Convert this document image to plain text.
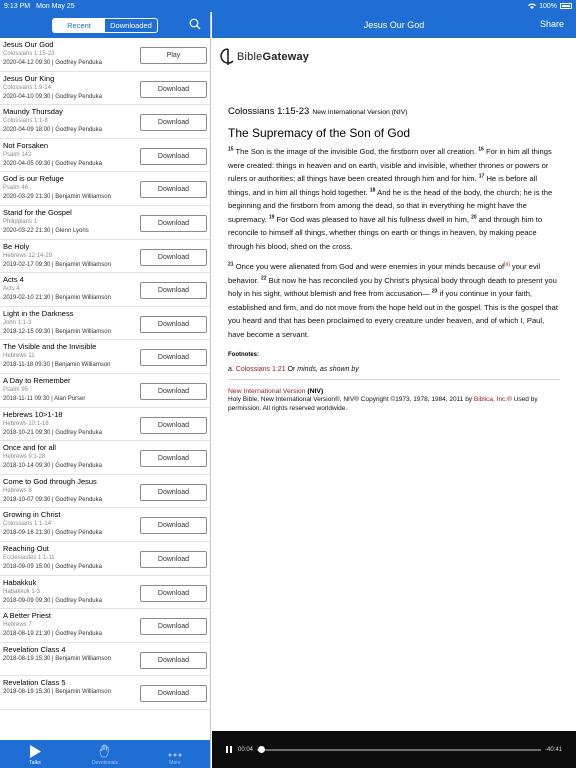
9:13 PM Mon May 25	100%
Recent	Downloaded
Jesus Our God
Colossians 1:15-23
2020-04-12 09:30 | Godfrey Penduka
Play
Jesus Our King
Colossians 1:9-14
2020-04-10 09:30 | Godfrey Penduka
Download
Maundy Thursday
Colossians 1:1-8
2020-04-09 18:00 | Godfrey Penduka
Download
Not Forsaken
Psalm 142
2020-04-05 09:30 | Godfrey Penduka
Download
God is our Refuge
Psalm 46
2020-03-29 21:30 | Benjamin Williamson
Download
Stand for the Gospel
Philippians 1
2020-03-22 21:30 | Glenn Lyons
Download
Be Holy
Hebrews 12:14-29
2019-02-17 09:30 | Benjamin Williamson
Download
Acts 4
Acts 4
2019-02-10 21:30 | Benjamin Williamson
Download
Light in the Darkness
John 1:1-3
2018-12-15 09:30 | Benjamin Williamson
Download
The Visible and the Invisible
Hebrews 11
2018-11-18 09:30 | Benjamin Williamson
Download
A Day to Remember
Psalm 95
2018-11-11 09:30 | Alan Purser
Download
Hebrews 10>1-18
Hebrews 10:1-18
2018-10-21 09:30 | Godfrey Penduka
Download
Once and for all
Hebrews 9:1-28
2018-10-14 09:30 | Godfrey Penduka
Download
Come to God through Jesus
Hebrews 8
2018-10-07 09:30 | Godfrey Penduka
Download
Growing in Christ
Colossians 1:1-14
2018-09-16 21:30 | Godfrey Penduka
Download
Reaching Out
Ecclesiastes 1:1-11
2018-09-09 15:00 | Godfrey Penduka
Download
Habakkuk
Habakkuk 1-3
2018-09-09 09:30 | Godfrey Penduka
Download
A Better Priest
Hebrews 7
2018-08-19 21:30 | Godfrey Penduka
Download
Revelation Class 4
2018-08-19 15:30 | Benjamin Williamson	Download
Revelation Class 5
2018-08-19 15:30 | Benjamin Williamson	Download
Talks	Devotionals	More
Jesus Our God	Share
BibleGateway
Colossians 1:15-23 New International Version (NIV)
The Supremacy of the Son of God

$^{15}$ The Son is the image of the invisible God, the firstborn over all creation. $^{16}$ For in him all things were created: things in heaven and on earth, visible and invisible, whether thrones or powers or rulers or authorities; all things have been created through him and for him. $^{17}$ He is before all things, and in him all things hold together. $^{18}$ And he is the head of the body, the church; he is the beginning and the firstborn from among the dead, so that in everything he might have the supremacy. $^{19}$ For God was pleased to have all his fullness dwell in him, $^{20}$ and through him to reconcile to himself all things, whether things on earth or things in heaven, by making peace through his blood, shed on the cross.

$^{21}$ Once you were alienated from God and were enemies in your minds because of[a] your evil behavior. $^{22}$ But now he has reconciled you by Christ’s physical body through death to present you holy in his sight, without blemish and free from accusation— $^{23}$ if you continue in your faith, established and firm, and do not move from the hope held out in the gospel. This is the gospel that you heard and that has been proclaimed to every creature under heaven, and of which I, Paul, have become a servant.

Footnotes:
a. Colossians 1:21 Or minds, as shown by
New International Version (NIV)
Holy Bible, New International Version®, NIV® Copyright ©1973, 1978, 1984, 2011 by Biblica, Inc.® Used by permission. All rights reserved worldwide.
00:04	-40:41
